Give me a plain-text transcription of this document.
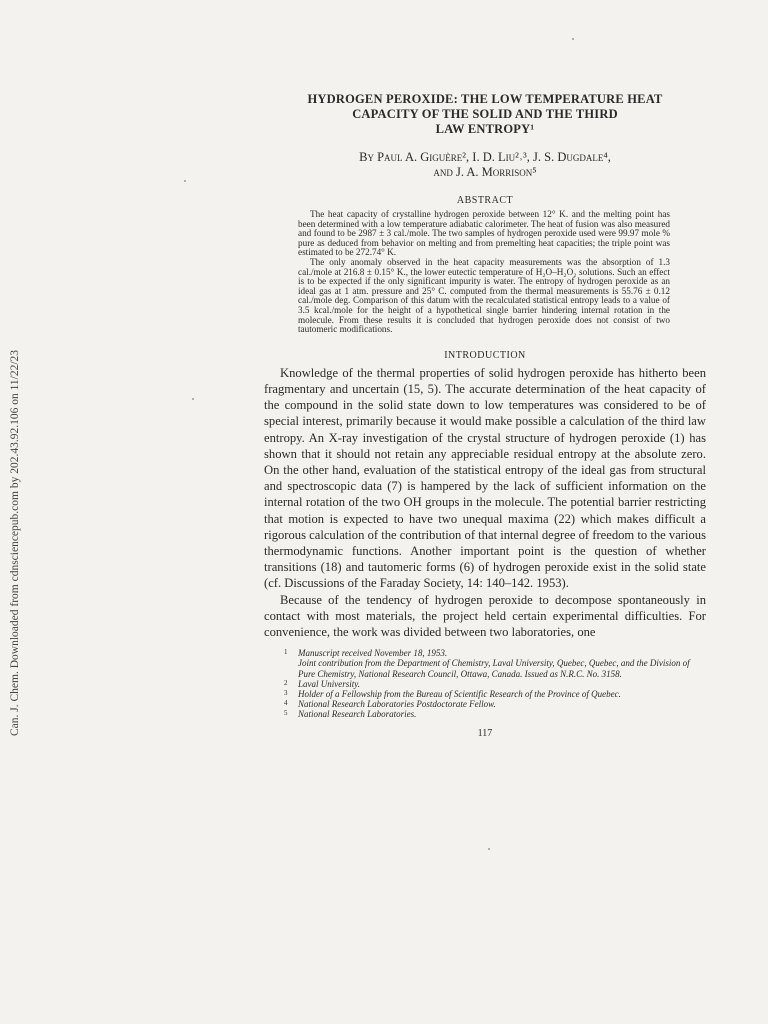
Can. J. Chem. Downloaded from cdnsciencepub.com by 202.43.92.106 on 11/22/23
HYDROGEN PEROXIDE: THE LOW TEMPERATURE HEAT
CAPACITY OF THE SOLID AND THE THIRD
LAW ENTROPY¹
By Paul A. Giguère², I. D. Liu²˒³, J. S. Dugdale⁴,
and J. A. Morrison⁵
ABSTRACT

The heat capacity of crystalline hydrogen peroxide between 12° K. and the melting point has been determined with a low temperature adiabatic calorimeter. The heat of fusion was also measured and found to be 2987 ± 3 cal./mole. The two samples of hydrogen peroxide used were 99.97 mole % pure as deduced from behavior on melting and from premelting heat capacities; the triple point was estimated to be 272.74° K.

The only anomaly observed in the heat capacity measurements was the absorption of 1.3 cal./mole at 216.8 ± 0.15° K., the lower eutectic temperature of H₂O–H₂O₂ solutions. Such an effect is to be expected if the only significant impurity is water. The entropy of hydrogen peroxide as an ideal gas at 1 atm. pressure and 25° C. computed from the thermal measurements is 55.76 ± 0.12 cal./mole deg. Comparison of this datum with the recalculated statistical entropy leads to a value of 3.5 kcal./mole for the height of a hypothetical single barrier hindering internal rotation in the molecule. From these results it is concluded that hydrogen peroxide does not consist of two tautomeric modifications.

INTRODUCTION

Knowledge of the thermal properties of solid hydrogen peroxide has hitherto been fragmentary and uncertain (15, 5). The accurate determination of the heat capacity of the compound in the solid state down to low temperatures was considered to be of special interest, primarily because it would make possible a calculation of the third law entropy. An X-ray investigation of the crystal structure of hydrogen peroxide (1) has shown that it should not retain any appreciable residual entropy at the absolute zero. On the other hand, evaluation of the statistical entropy of the ideal gas from structural and spectroscopic data (7) is hampered by the lack of sufficient information on the internal rotation of the two OH groups in the molecule. The potential barrier restricting that motion is expected to have two unequal maxima (22) which makes difficult a rigorous calculation of the contribution of that internal degree of freedom to the various thermodynamic functions. Another important point is the question of whether transitions (18) and tautomeric forms (6) of hydrogen peroxide exist in the solid state (cf. Discussions of the Faraday Society, 14: 140–142. 1953).

Because of the tendency of hydrogen peroxide to decompose spontaneously in contact with most materials, the project held certain experimental difficulties. For convenience, the work was divided between two laboratories, one

1 Manuscript received November 18, 1953.
Joint contribution from the Department of Chemistry, Laval University, Quebec, Quebec, and the Division of Pure Chemistry, National Research Council, Ottawa, Canada. Issued as N.R.C. No. 3158.
2 Laval University.
3 Holder of a Fellowship from the Bureau of Scientific Research of the Province of Quebec.
4 National Research Laboratories Postdoctorate Fellow.
5 National Research Laboratories.
117
